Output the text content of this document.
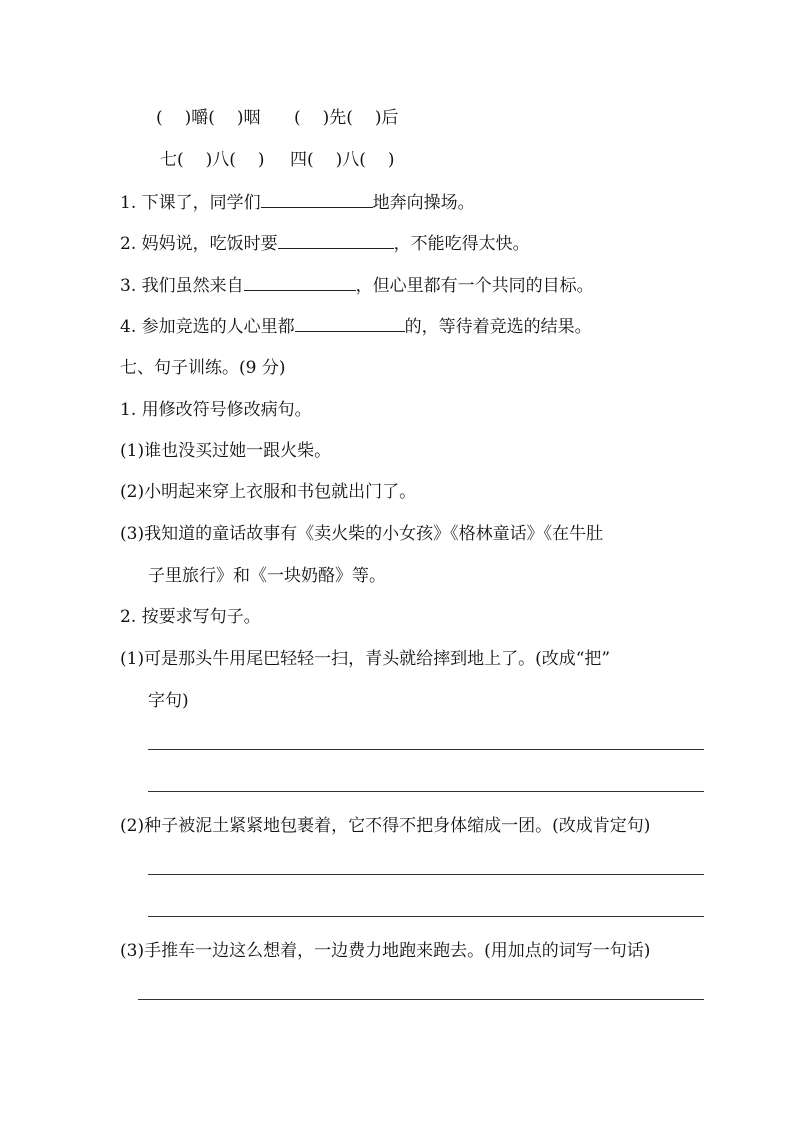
( )嚼( )咽 ( )先( )后
七( )八( ) 四( )八( )
1. 下课了，同学们	地奔向操场。
2. 妈妈说，吃饭时要	，不能吃得太快。
3. 我们虽然来自	，但心里都有一个共同的目标。
4. 参加竞选的人心里都	的，等待着竞选的结果。
七、句子训练。(9 分)
1. 用修改符号修改病句。
(1)谁也没买过她一跟火柴。
(2)小明起来穿上衣服和书包就出门了。
(3)我知道的童话故事有《卖火柴的小女孩》《格林童话》《在牛肚
子里旅行》和《一块奶酪》等。
2. 按要求写句子。
(1)可是那头牛用尾巴轻轻一扫，青头就给摔到地上了。(改成“把”
字句)
(2)种子被泥土紧紧地包裹着，它不得不把身体缩成一团。(改成肯定句)
(3)手推车一边这么想着，一边费力地跑来跑去。(用加点的词写一句话)
